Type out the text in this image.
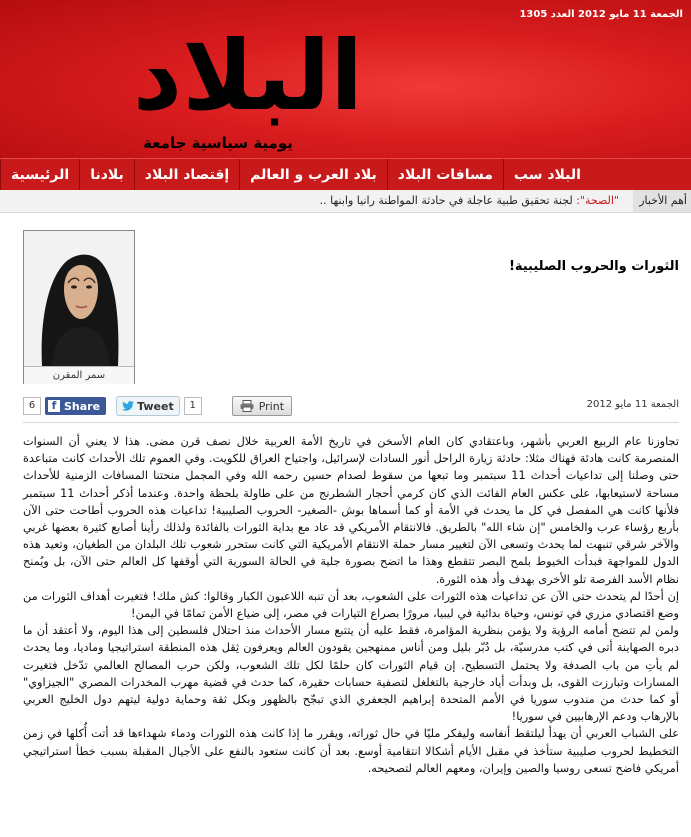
الجمعة 11 مايو 2012 العدد 1305
البلاد
يومية سياسية جامعة
الرئيسية	بلادنا	إقتصاد البلاد	بلاد العرب و العالم	مسافات البلاد	البلاد سب
أهم الأخبار
"الصحة": لجنة تحقيق طبية عاجلة في حادثة المواطنة رانيا وابنها ..
سمر المقرن
الثورات والحروب الصليبية!
6	f Share	Tweet	1	Print	الجمعة 11 مايو 2012

تجاوزنا عام الربيع العربي بأشهر، وباعتقادي كان العام الأسخن في تاريخ الأمة العربية خلال نصف قرن مضى. هذا لا يعني أن السنوات المنصرمة كانت هادئة فهناك مثلا: حادثة زيارة الراحل أنور السادات لإسرائيل، واجتياح العراق للكويت. وفي العموم تلك الأحداث كانت متباعدة حتى وصلنا إلى تداعيات أحداث 11 سبتمبر وما تبعها من سقوط لصدام حسين رحمه الله وفي المجمل منحتنا المسافات الزمنية للأحداث مساحة لاستيعابها، على عكس العام الفائت الذي كان كرمي أحجار الشطرنج من على طاولة بلحظة واحدة. وعندما أذكر أحداث 11 سبتمبر فلأنها كانت هي المفصل في كل ما يحدث في الأمة أو كما أسماها بوش -الصغير- الحروب الصليبية! تداعيات هذه الحروب أطاحت حتى الآن بأربع رؤساء عرب والخامس "إن شاء الله" بالطريق. فالانتقام الأمريكي قد عاد مع بداية الثورات بالفائدة ولذلك رأينا أصابع كثيرة بعضها غربي والآخر شرقي تنبهت لما يحدث وتسعى الآن لتغيير مسار حملة الانتقام الأمريكية التي كانت ستحرر شعوب تلك البلدان من الطغيان، وتعيد هذه الدول للمواجهة فبدأت الخيوط بلمح البصر تتقطع وهذا ما اتضح بصورة جلية في الحالة السورية التي أوقفها كل العالم حتى الآن، بل ويُمنح نظام الأسد الفرصة تلو الأخرى بهدف وأد هذه الثورة.

إن أحدًا لم يتحدث حتى الآن عن تداعيات هذه الثورات على الشعوب، بعد أن تنبه اللاعبون الكبار وقالوا: كش ملك! فتغيرت أهداف الثورات من وضع اقتصادي مزري في تونس، وحياة بدائية في ليبيا، مرورًا بصراع التيارات في مصر، إلى ضياع الأمن تمامًا في اليمن!

ولمن لم تتضح أمامه الرؤية ولا يؤمن بنظرية المؤامرة، فقط عليه أن يتتبع مسار الأحداث منذ احتلال فلسطين إلى هذا اليوم، ولا أعتقد أن ما دبره الصهاينة أتى في كتب مدرسيّة، بل دُبّر بليل ومن أناس ممنهجين يقودون العالم ويعرفون ثِقل هذه المنطقة استراتيجيا وماديا، وما يحدث لم يأتِ من باب الصدفة ولا يحتمل التسطيح. إن قيام الثورات كان حلمًا لكل تلك الشعوب، ولكن حرب المصالح العالمي تدّخل فتغيرت المسارات وتبارزت القوى، بل وبدأت أياد خارجية بالتغلغل لتصفية حسابات حقيرة، كما حدث في قضية مهرب المخدرات المصري "الجيزاوي" أو كما حدث من مندوب سوريا في الأمم المتحدة إبراهيم الجعفري الذي تبجّح بالظهور وبكل ثقة وحماية دولية ليتهم دول الخليج العربي بالإرهاب ودعم الإرهابيين في سوريا!

على الشباب العربي أن يهدأ ليلتقط أنفاسه وليفكر مليًا في حال ثوراته، ويقرر ما إذا كانت هذه الثورات ودماء شهداءها قد أتت أُكلها في زمن التخطيط لحروب صليبية ستأخذ في مقبل الأيام أشكالا انتقامية أوسع. بعد أن كانت ستعود بالنفع على الأجيال المقبلة بسبب خطأ استراتيجي أمريكي فاضح تسعى روسيا والصين وإيران، ومعهم العالم لتصحيحه.
